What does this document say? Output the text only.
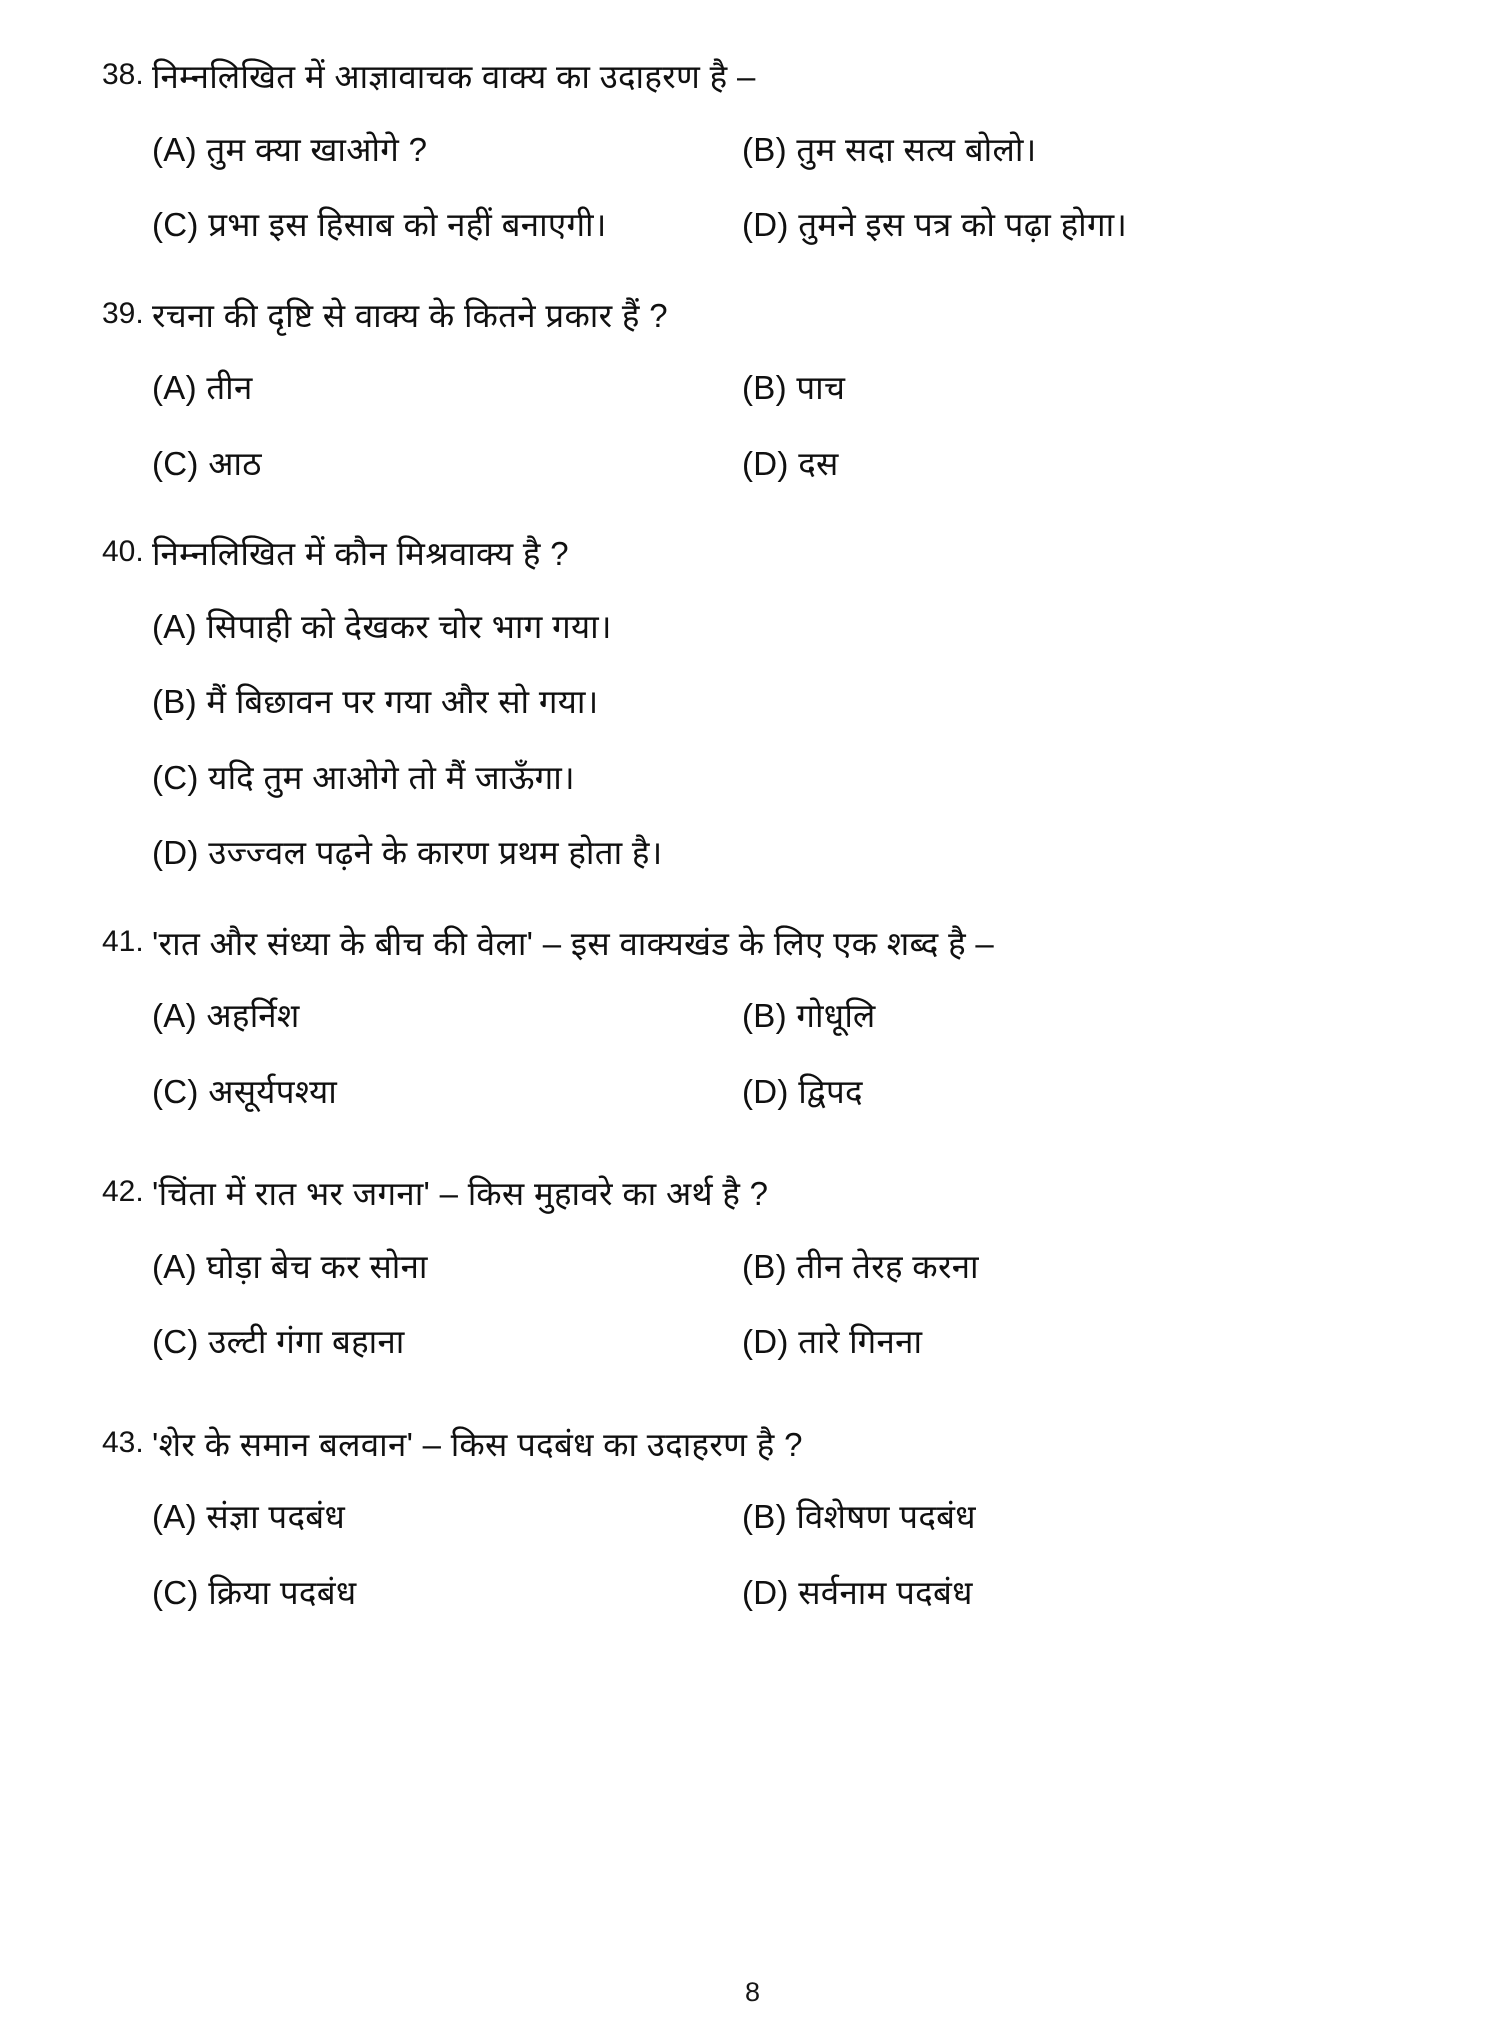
38. निम्नलिखित में आज्ञावाचक वाक्य का उदाहरण है –
(A) तुम क्या खाओगे ?	(B) तुम सदा सत्य बोलो।
(C) प्रभा इस हिसाब को नहीं बनाएगी।	(D) तुमने इस पत्र को पढ़ा होगा।
39. रचना की दृष्टि से वाक्य के कितने प्रकार हैं ?
(A) तीन	(B) पाच
(C) आठ	(D) दस
40. निम्नलिखित में कौन मिश्रवाक्य है ?
(A) सिपाही को देखकर चोर भाग गया।
(B) मैं बिछावन पर गया और सो गया।
(C) यदि तुम आओगे तो मैं जाऊँगा।
(D) उज्ज्वल पढ़ने के कारण प्रथम होता है।
41. 'रात और संध्या के बीच की वेला' – इस वाक्यखंड के लिए एक शब्द है –
(A) अहर्निश	(B) गोधूलि
(C) असूर्यपश्या	(D) द्विपद
42. 'चिंता में रात भर जगना' – किस मुहावरे का अर्थ है ?
(A) घोड़ा बेच कर सोना	(B) तीन तेरह करना
(C) उल्टी गंगा बहाना	(D) तारे गिनना
43. 'शेर के समान बलवान' – किस पदबंध का उदाहरण है ?
(A) संज्ञा पदबंध	(B) विशेषण पदबंध
(C) क्रिया पदबंध	(D) सर्वनाम पदबंध
8
